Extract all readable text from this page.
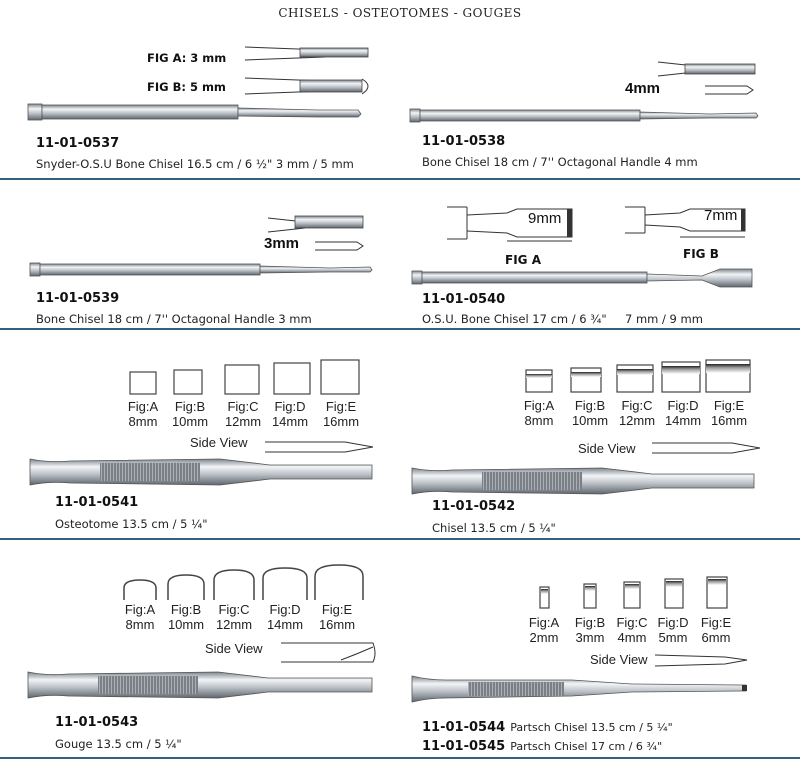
CHISELS - OSTEOTOMES - GOUGES
FIG A: 3 mm
FIG B: 5 mm
11-01-0537
Snyder-O.S.U Bone Chisel 16.5 cm / 6 ½" 3 mm / 5 mm
4mm
11-01-0538
Bone Chisel 18 cm / 7'' Octagonal Handle 4 mm
3mm
11-01-0539
Bone Chisel 18 cm / 7'' Octagonal Handle 3 mm
9mm
FIG A
7mm
FIG B
11-01-0540
O.S.U. Bone Chisel 17 cm / 6 ¾"     7 mm / 9 mm
Fig:A
8mm
Fig:B
10mm
Fig:C
12mm
Fig:D
14mm
Fig:E
16mm
Side View
11-01-0541
Osteotome 13.5 cm / 5 ¼"
Fig:A
8mm
Fig:B
10mm
Fig:C
12mm
Fig:D
14mm
Fig:E
16mm
Side View
11-01-0542
Chisel 13.5 cm / 5 ¼"
Fig:A
8mm
Fig:B
10mm
Fig:C
12mm
Fig:D
14mm
Fig:E
16mm
Side View
11-01-0543
Gouge 13.5 cm / 5 ¼"
Fig:A
2mm
Fig:B
3mm
Fig:C
4mm
Fig:D
5mm
Fig:E
6mm
Side View
11-01-0544 Partsch Chisel 13.5 cm / 5 ¼"
11-01-0545 Partsch Chisel 17 cm / 6 ¾"
